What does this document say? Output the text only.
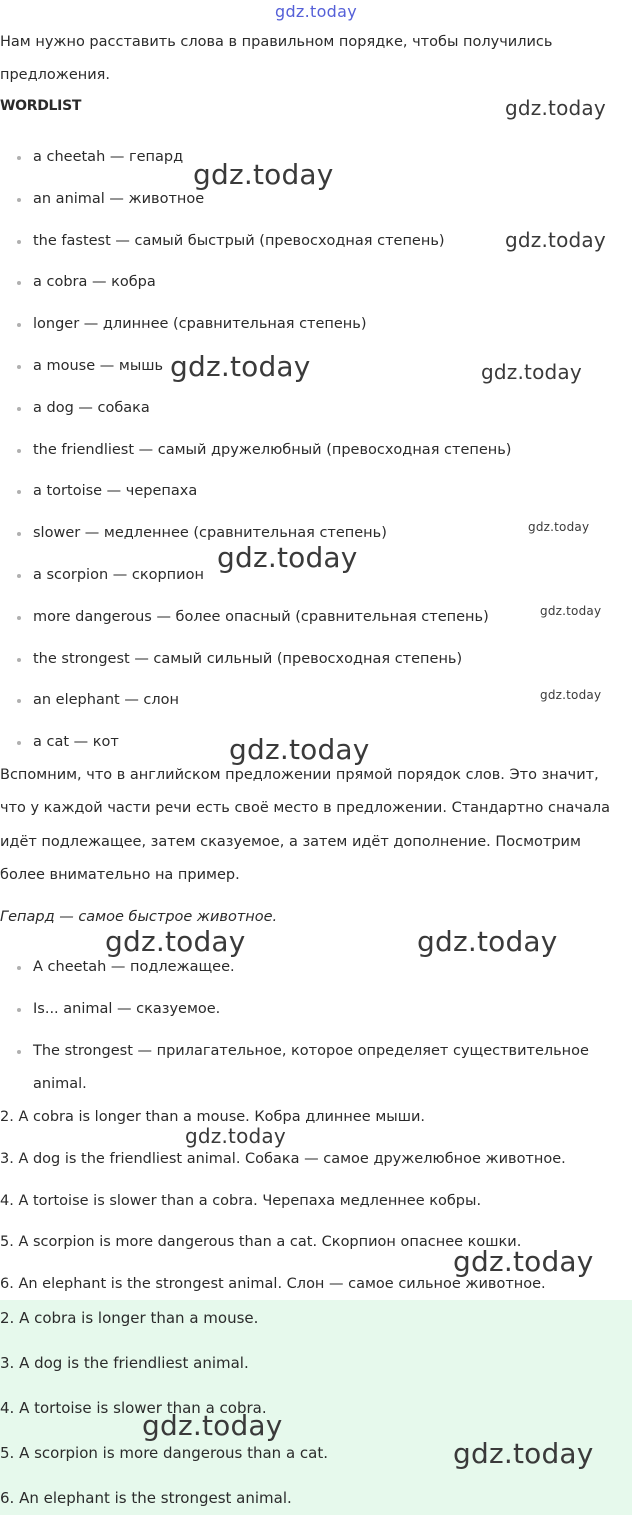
gdz.today

Нам нужно расставить слова в правильном порядке, чтобы получились

предложения.

WORDLIST
a cheetah — гепард
an animal — животное
the fastest — самый быстрый (превосходная степень)
a cobra — кобра
longer — длиннее (сравнительная степень)
a mouse — мышь
a dog — собака
the friendliest — самый дружелюбный (превосходная степень)
a tortoise — черепаха
slower — медленнее (сравнительная степень)
a scorpion — скорпион
more dangerous — более опасный (сравнительная степень)
the strongest — самый сильный (превосходная степень)
an elephant — слон
a cat — кот

Вспомним, что в английском предложении прямой порядок слов. Это значит,

что у каждой части речи есть своё место в предложении. Стандартно сначала

идёт подлежащее, затем сказуемое, а затем идёт дополнение. Посмотрим

более внимательно на пример.

Гепард — самое быстрое животное.
A cheetah — подлежащее.
Is... animal — сказуемое.
The strongest — прилагательное, которое определяет существительное

animal.

2. A cobra is longer than a mouse. Кобра длиннее мыши.
3. A dog is the friendliest animal. Собака — самое дружелюбное животное.
4. A tortoise is slower than a cobra. Черепаха медленнее кобры.
5. A scorpion is more dangerous than a cat. Скорпион опаснее кошки.
6. An elephant is the strongest animal. Слон — самое сильное животное.
2. A cobra is longer than a mouse.
3. A dog is the friendliest animal.
4. A tortoise is slower than a cobra.
5. A scorpion is more dangerous than a cat.
6. An elephant is the strongest animal.
gdz.today
gdz.today
gdz.today
gdz.today	gdz.today
gdz.today
gdz.today
gdz.today
gdz.today
gdz.today
gdz.today	gdz.today
gdz.today
gdz.today
gdz.today
gdz.today
